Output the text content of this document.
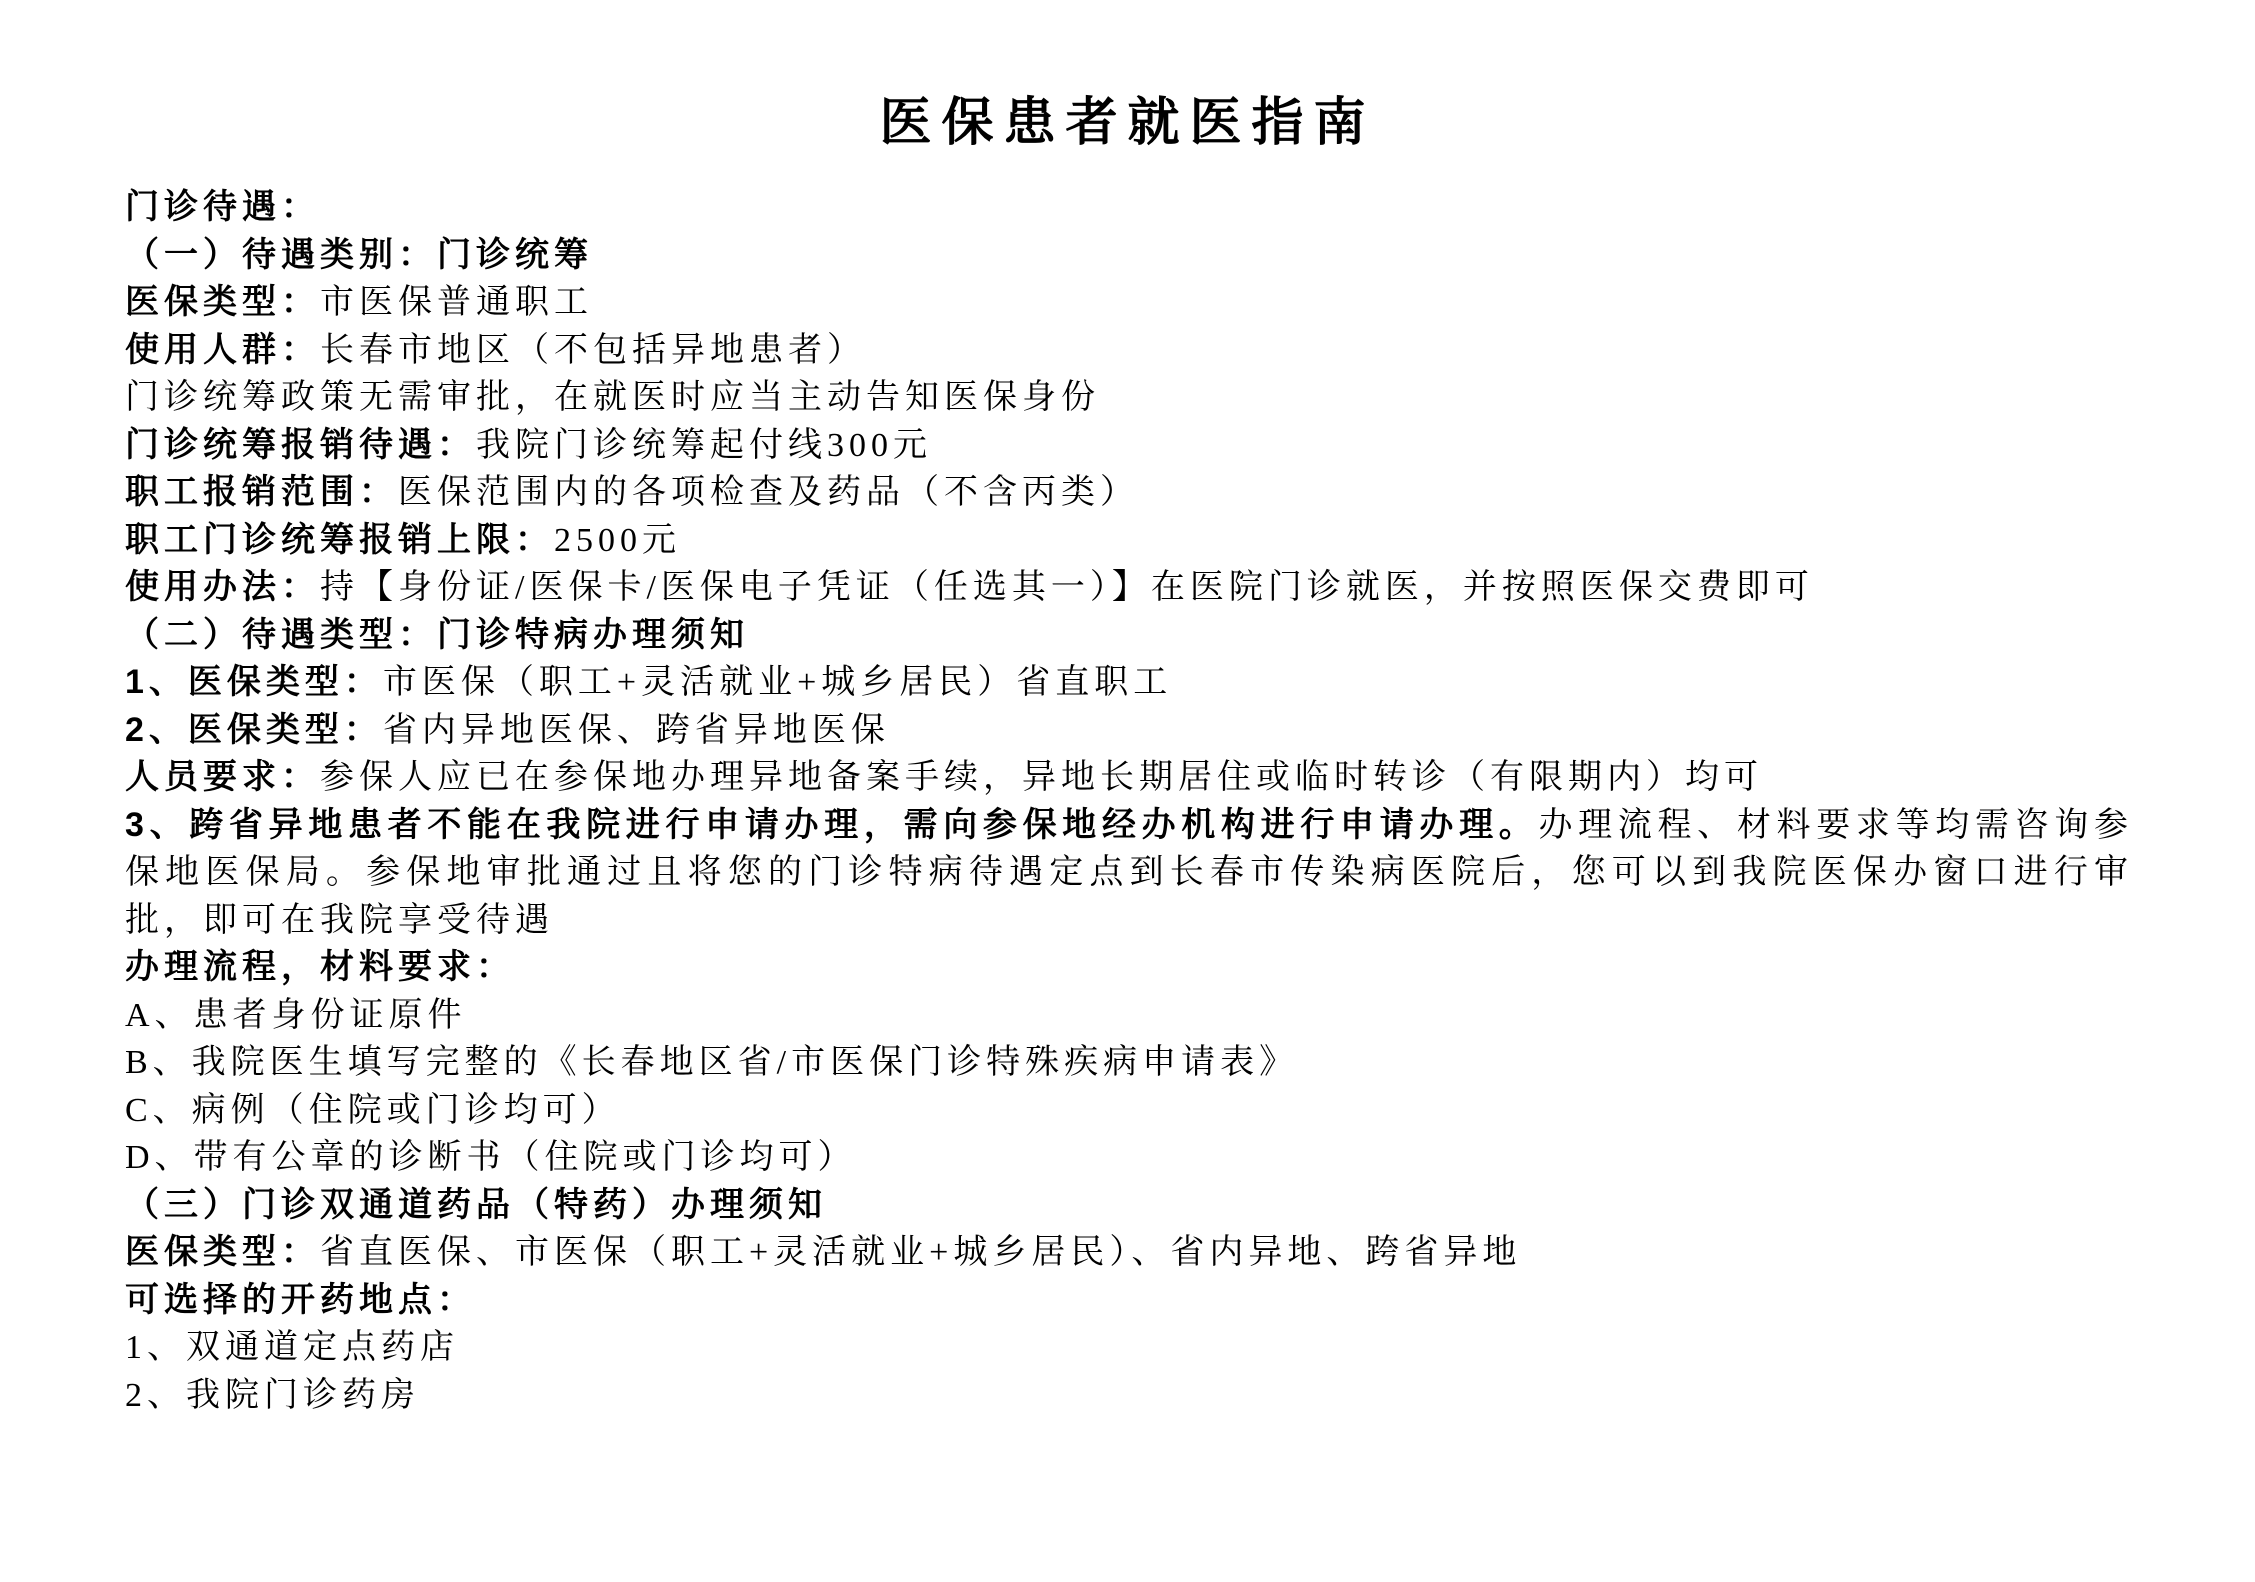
医保患者就医指南
门诊待遇：
（一）待遇类别：门诊统筹
医保类型：市医保普通职工
使用人群：长春市地区（不包括异地患者）
门诊统筹政策无需审批，在就医时应当主动告知医保身份
门诊统筹报销待遇：我院门诊统筹起付线300元
职工报销范围：医保范围内的各项检查及药品（不含丙类）
职工门诊统筹报销上限：2500元
使用办法：持【身份证/医保卡/医保电子凭证（任选其一）】在医院门诊就医，并按照医保交费即可
（二）待遇类型：门诊特病办理须知
1、医保类型：市医保（职工+灵活就业+城乡居民）省直职工
2、医保类型：省内异地医保、跨省异地医保
人员要求：参保人应已在参保地办理异地备案手续，异地长期居住或临时转诊（有限期内）均可
3、跨省异地患者不能在我院进行申请办理，需向参保地经办机构进行申请办理。办理流程、材料要求等均需咨询参保地医保局。参保地审批通过且将您的门诊特病待遇定点到长春市传染病医院后，您可以到我院医保办窗口进行审批，即可在我院享受待遇
办理流程，材料要求：
A、患者身份证原件
B、我院医生填写完整的《长春地区省/市医保门诊特殊疾病申请表》
C、病例（住院或门诊均可）
D、带有公章的诊断书（住院或门诊均可）
（三）门诊双通道药品（特药）办理须知
医保类型：省直医保、市医保（职工+灵活就业+城乡居民）、省内异地、跨省异地
可选择的开药地点：
1、双通道定点药店
2、我院门诊药房
